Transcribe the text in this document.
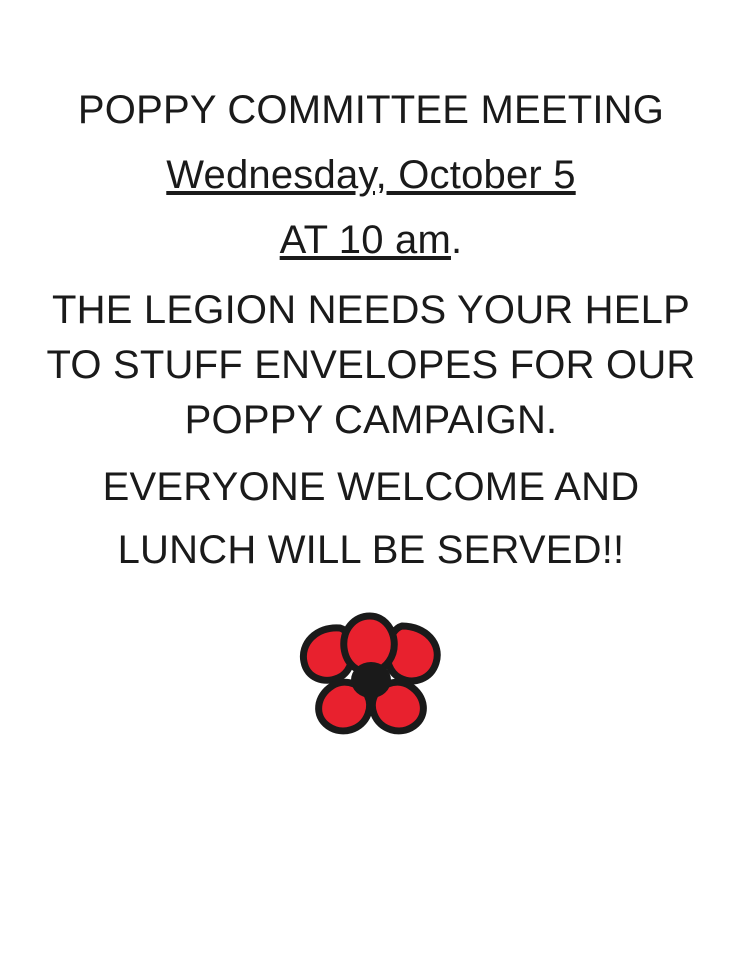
POPPY COMMITTEE MEETING
Wednesday, October 5
AT 10 am.
THE LEGION NEEDS YOUR HELP
TO STUFF ENVELOPES FOR OUR
POPPY CAMPAIGN.
EVERYONE WELCOME AND
LUNCH WILL BE SERVED!!
